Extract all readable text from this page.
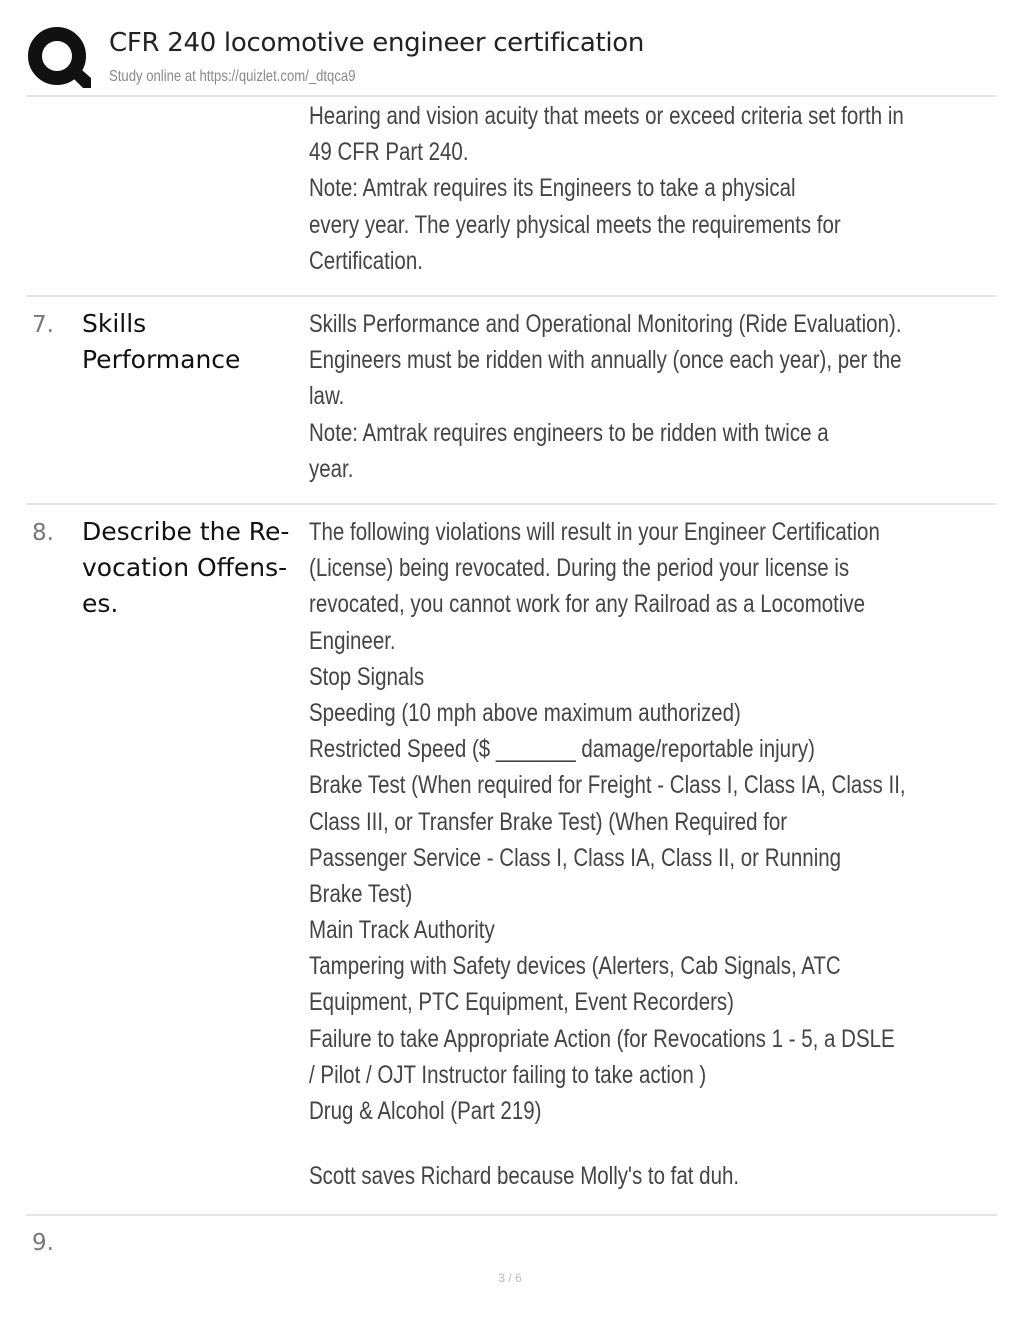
CFR 240 locomotive engineer certification
Study online at https://quizlet.com/_dtqca9
Hearing and vision acuity that meets or exceed criteria set forth in
49 CFR Part 240.
Note: Amtrak requires its Engineers to take a physical
every year. The yearly physical meets the requirements for
Certification.
7. Skills
Performance
Skills Performance and Operational Monitoring (Ride Evaluation).
Engineers must be ridden with annually (once each year), per the
law.
Note: Amtrak requires engineers to be ridden with twice a
year.
8. Describe the Re-
vocation Offens-
es.
The following violations will result in your Engineer Certification
(License) being revocated. During the period your license is
revocated, you cannot work for any Railroad as a Locomotive
Engineer.
Stop Signals
Speeding (10 mph above maximum authorized)
Restricted Speed ($ _______ damage/reportable injury)
Brake Test (When required for Freight - Class I, Class IA, Class II,
Class III, or Transfer Brake Test) (When Required for
Passenger Service - Class I, Class IA, Class II, or Running
Brake Test)
Main Track Authority
Tampering with Safety devices (Alerters, Cab Signals, ATC
Equipment, PTC Equipment, Event Recorders)
Failure to take Appropriate Action (for Revocations 1 - 5, a DSLE
/ Pilot / OJT Instructor failing to take action )
Drug & Alcohol (Part 219)
Scott saves Richard because Molly's to fat duh.
9.
3 / 6
